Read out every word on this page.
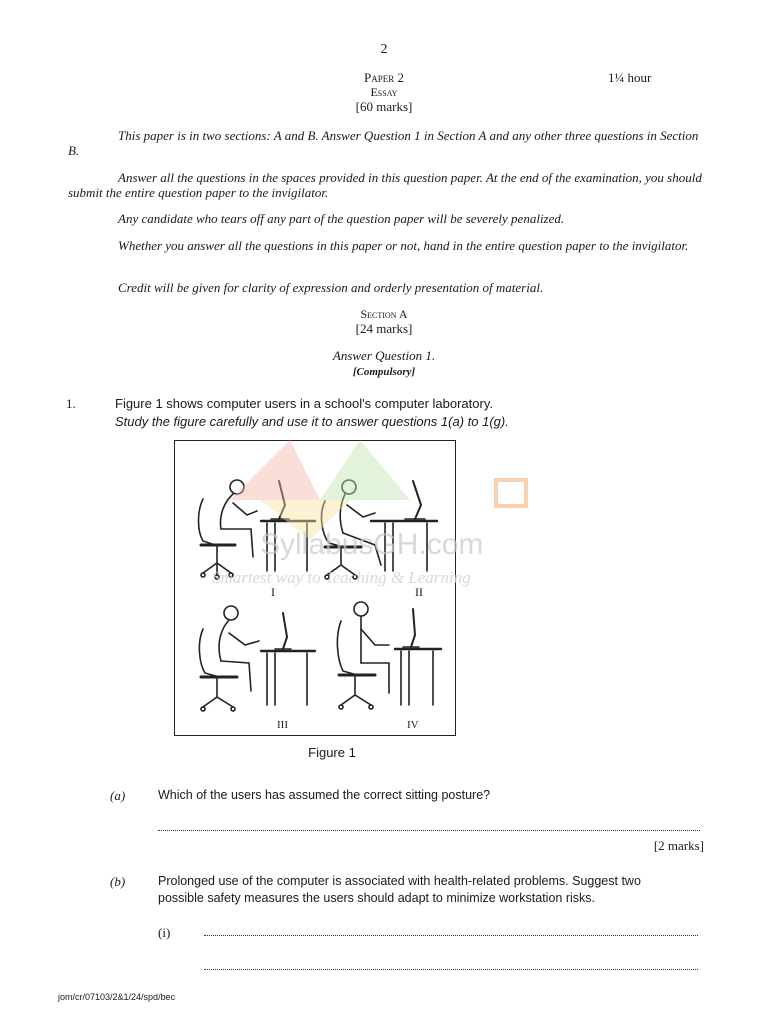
2
Paper 2	1¼ hour
Essay
[60 marks]

This paper is in two sections: A and B. Answer Question 1 in Section A and any other three questions in Section B.

Answer all the questions in the spaces provided in this question paper. At the end of the examination, you should submit the entire question paper to the invigilator.

Any candidate who tears off any part of the question paper will be severely penalized.

Whether you answer all the questions in this paper or not, hand in the entire question paper to the invigilator.

Credit will be given for clarity of expression and orderly presentation of material.

Section A
[24 marks]
Answer Question 1.
[Compulsory]
1.	Figure 1 shows computer users in a school's computer laboratory.
Study the figure carefully and use it to answer questions 1(a) to 1(g).
I	II
III	IV
SyllabusGH.com
Smartest way to Teaching & Learning
Figure 1
(a)	Which of the users has assumed the correct sitting posture?
[2 marks]
(b)	Prolonged use of the computer is associated with health-related problems. Suggest two possible safety measures the users should adapt to minimize workstation risks.
(i)
jom/cr/07103/2&1/24/spd/bec
